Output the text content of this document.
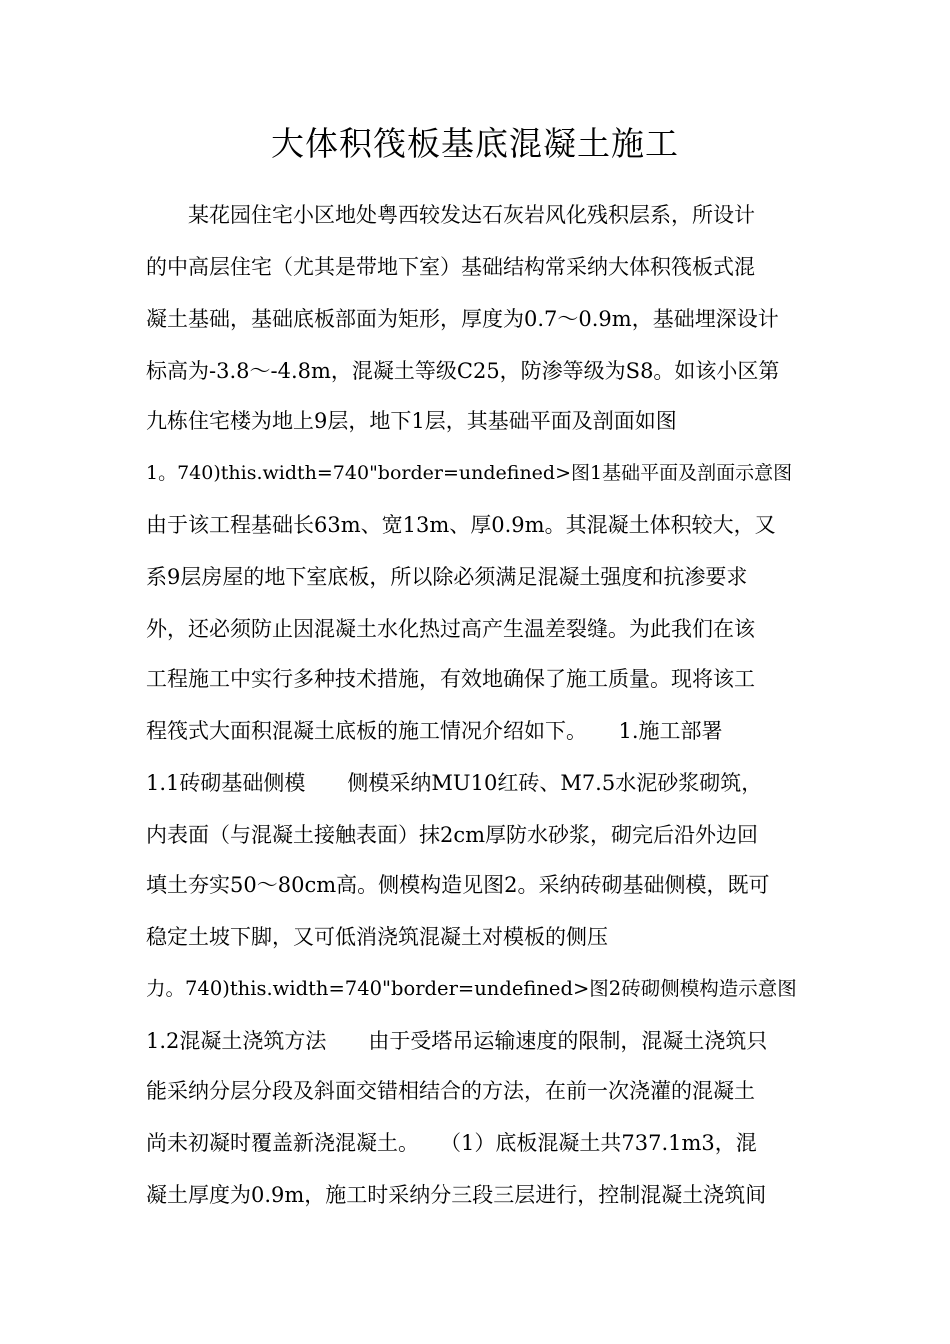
大体积筏板基底混凝土施工
　　某花园住宅小区地处粤西较发达石灰岩风化残积层系，所设计
的中高层住宅（尤其是带地下室）基础结构常采纳大体积筏板式混
凝土基础，基础底板部面为矩形，厚度为0.7～0.9m，基础埋深设计
标高为-3.8～-4.8m，混凝土等级C25，防渗等级为S8。如该小区第
九栋住宅楼为地上9层，地下1层，其基础平面及剖面如图
1。740)this.width=740"border=undefined>图1基础平面及剖面示意图
由于该工程基础长63m、宽13m、厚0.9m。其混凝土体积较大，又
系9层房屋的地下室底板，所以除必须满足混凝土强度和抗渗要求
外，还必须防止因混凝土水化热过高产生温差裂缝。为此我们在该
工程施工中实行多种技术措施，有效地确保了施工质量。现将该工
程筏式大面积混凝土底板的施工情况介绍如下。　　1.施工部署
1.1砖砌基础侧模　　侧模采纳MU10红砖、M7.5水泥砂浆砌筑，
内表面（与混凝土接触表面）抹2cm厚防水砂浆，砌完后沿外边回
填土夯实50～80cm高。侧模构造见图2。采纳砖砌基础侧模，既可
稳定土坡下脚，又可低消浇筑混凝土对模板的侧压
力。740)this.width=740"border=undefined>图2砖砌侧模构造示意图
1.2混凝土浇筑方法　　由于受塔吊运输速度的限制，混凝土浇筑只
能采纳分层分段及斜面交错相结合的方法，在前一次浇灌的混凝土
尚未初凝时覆盖新浇混凝土。　　（1）底板混凝土共737.1m3，混
凝土厚度为0.9m，施工时采纳分三段三层进行，控制混凝土浇筑间
